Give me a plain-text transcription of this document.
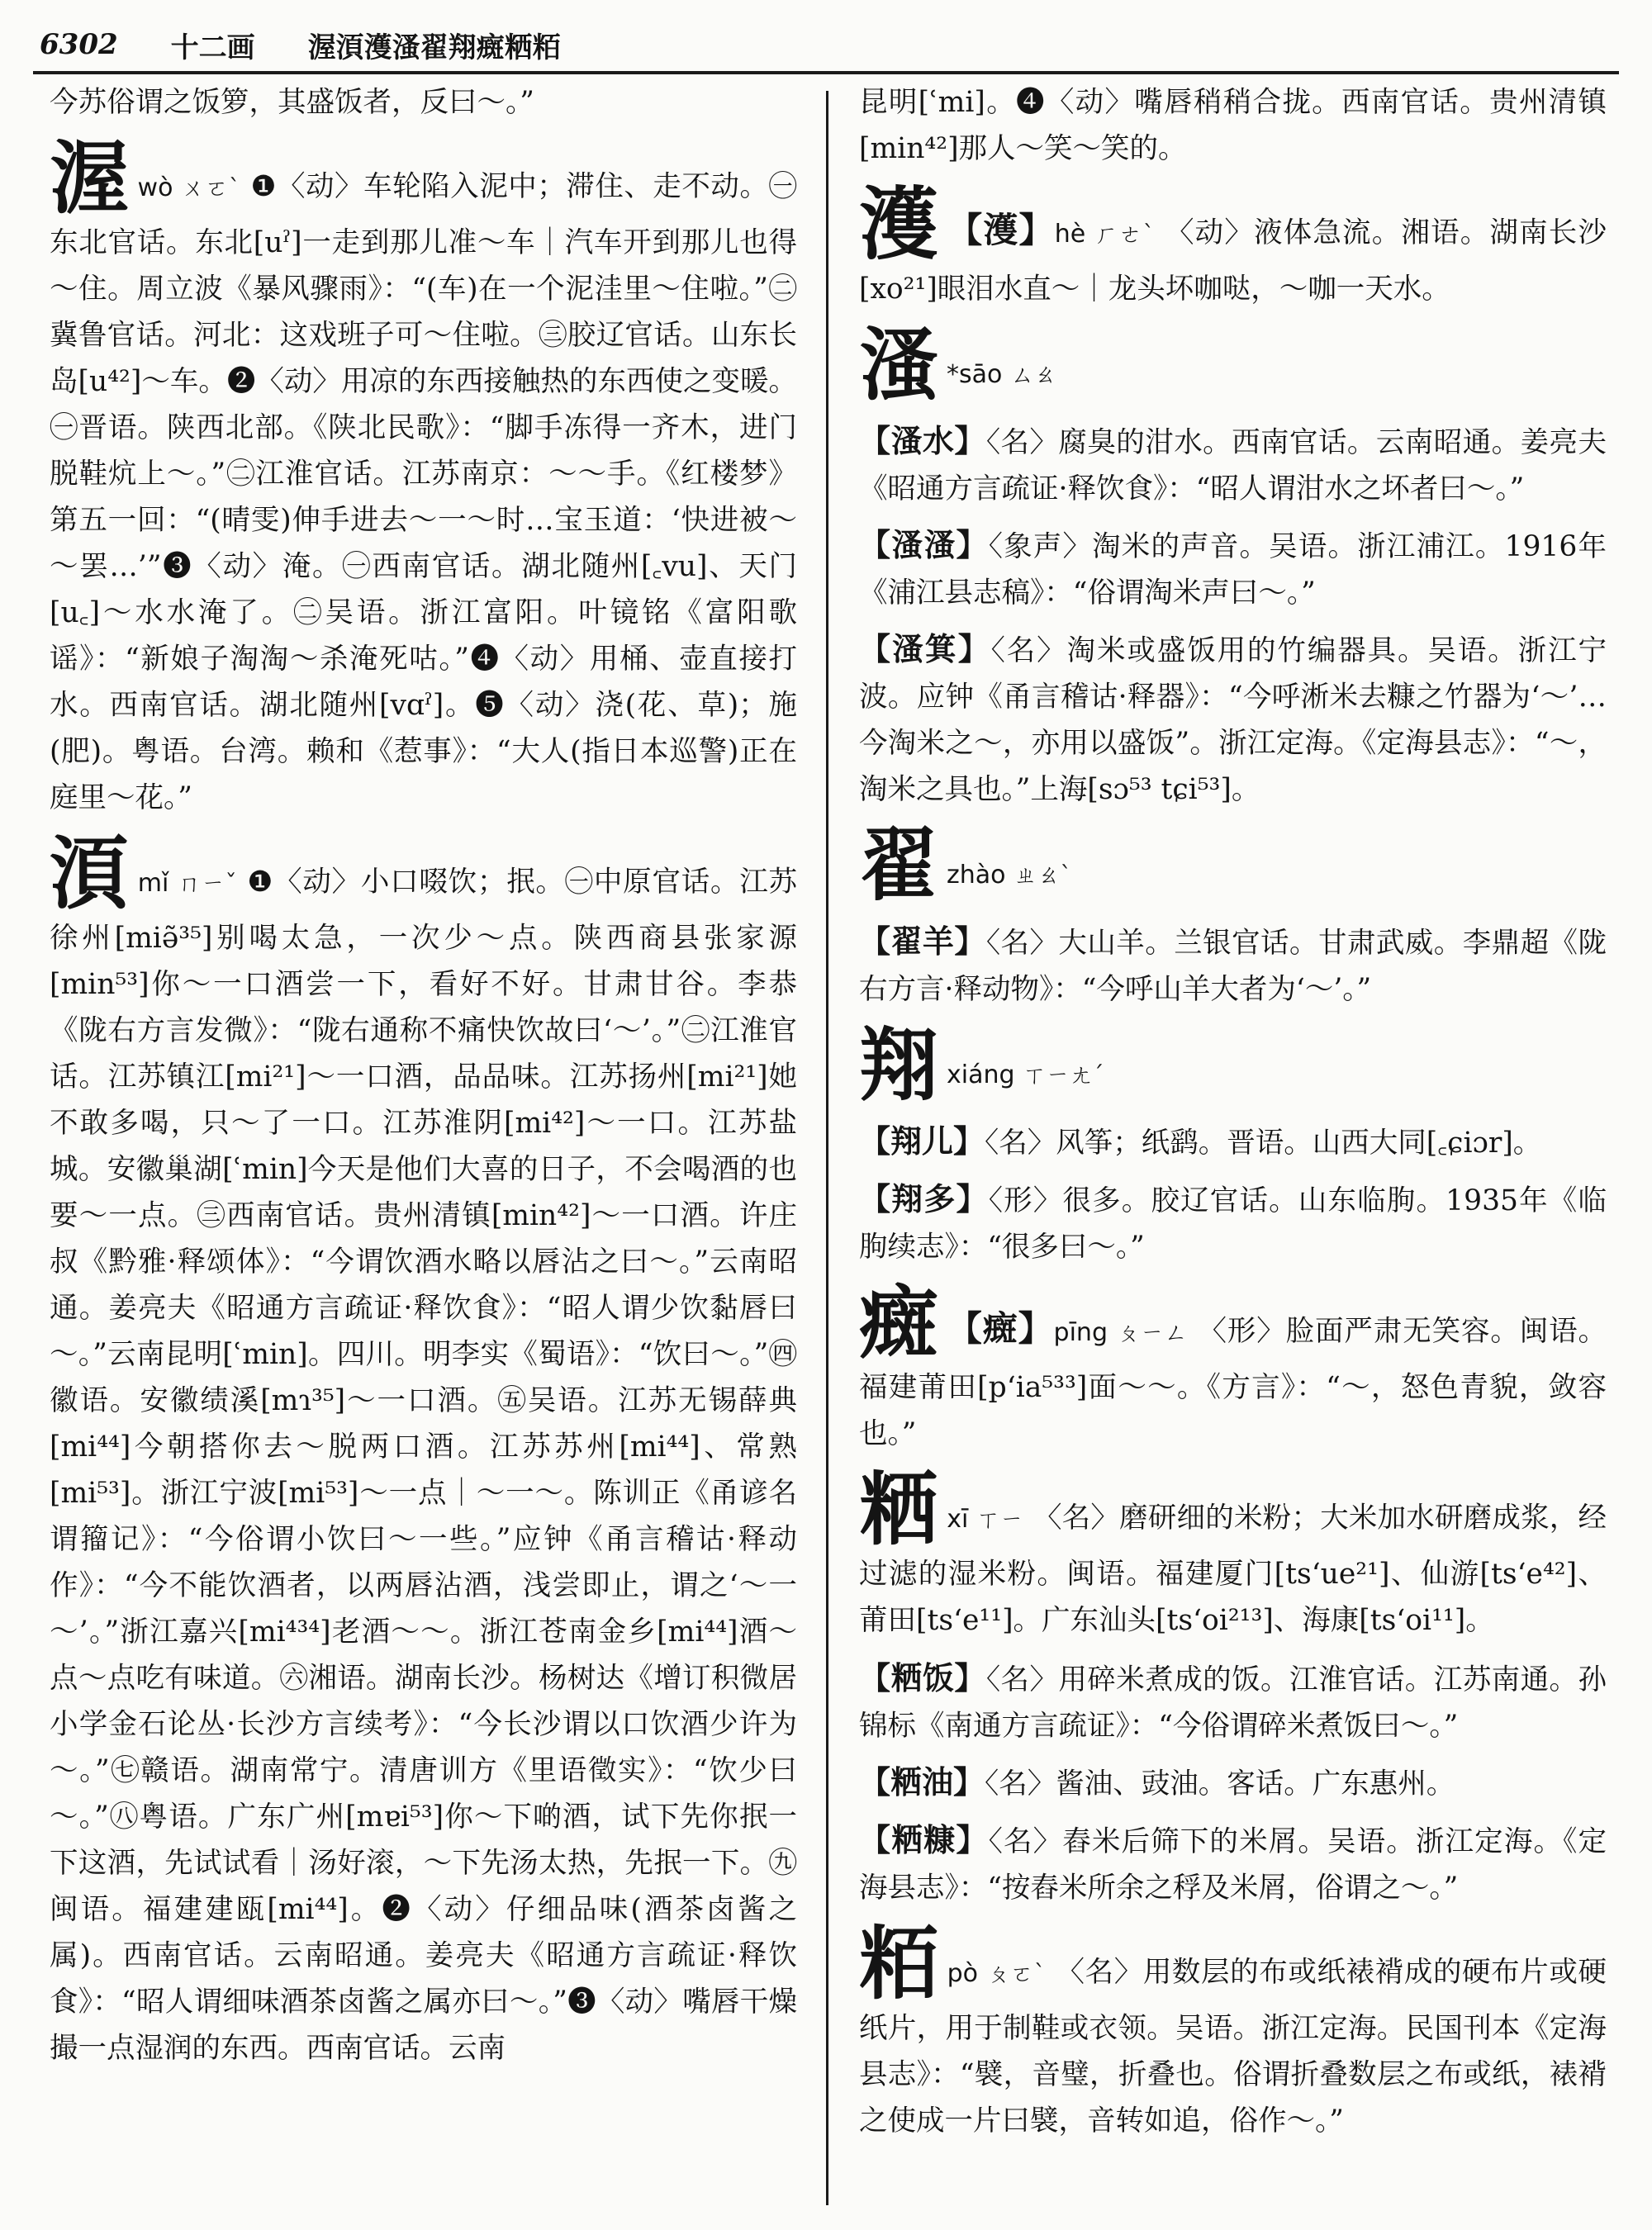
6302 十二画 渥湏濩溞翟翔癍粞粨

今苏俗谓之饭箩，其盛饭者，反曰～。”

渥wò ㄨㄛˋ ❶〈动〉车轮陷入泥中；滞住、走不动。㊀东北官话。东北[uˀ]一走到那儿准～车｜汽车开到那儿也得～住。周立波《暴风骤雨》：“(车)在一个泥洼里～住啦。”㊁冀鲁官话。河北：这戏班子可～住啦。㊂胶辽官话。山东长岛[u⁴²]～车。❷〈动〉用凉的东西接触热的东西使之变暖。㊀晋语。陕西北部。《陕北民歌》：“脚手冻得一齐木，进门脱鞋炕上～。”㊁江淮官话。江苏南京：～～手。《红楼梦》第五一回：“(晴雯)伸手进去～一～时…宝玉道：‘快进被～～罢…’”❸〈动〉淹。㊀西南官话。湖北随州[꜀vu]、天门[u꜀]～水水淹了。㊁吴语。浙江富阳。叶镜铭《富阳歌谣》：“新娘子淘淘～杀淹死咕。”❹〈动〉用桶、壶直接打水。西南官话。湖北随州[vɑˀ]。❺〈动〉浇(花、草)；施(肥)。粤语。台湾。赖和《惹事》：“大人(指日本巡警)正在庭里～花。”
湏mǐ ㄇㄧˇ ❶〈动〉小口啜饮；抿。㊀中原官话。江苏徐州[miə̃³⁵]别喝太急，一次少～点。陕西商县张家源[min⁵³]你～一口酒尝一下，看好不好。甘肃甘谷。李恭《陇右方言发微》：“陇右通称不痛快饮故曰‘～’。”㊁江淮官话。江苏镇江[mi²¹]～一口酒，品品味。江苏扬州[mi²¹]她不敢多喝，只～了一口。江苏淮阴[mi⁴²]～一口。江苏盐城。安徽巢湖[ʿmin]今天是他们大喜的日子，不会喝酒的也要～一点。㊂西南官话。贵州清镇[min⁴²]～一口酒。许庄叔《黔雅·释颂体》：“今谓饮酒水略以唇沾之曰～。”云南昭通。姜亮夫《昭通方言疏证·释饮食》：“昭人谓少饮黏唇曰～。”云南昆明[ʿmin]。四川。明李实《蜀语》：“饮曰～。”㊃徽语。安徽绩溪[mɿ³⁵]～一口酒。㊄吴语。江苏无锡薛典[mi⁴⁴]今朝搭你去～脱两口酒。江苏苏州[mi⁴⁴]、常熟[mi⁵³]。浙江宁波[mi⁵³]～一点｜～一～。陈训正《甬谚名谓籀记》：“今俗谓小饮曰～一些。”应钟《甬言稽诂·释动作》：“今不能饮酒者，以两唇沾酒，浅尝即止，谓之‘～一～’。”浙江嘉兴[mi⁴³⁴]老酒～～。浙江苍南金乡[mi⁴⁴]酒～点～点吃有味道。㊅湘语。湖南长沙。杨树达《增订积微居小学金石论丛·长沙方言续考》：“今长沙谓以口饮酒少许为～。”㊆赣语。湖南常宁。清唐训方《里语徵实》：“饮少曰～。”㊇粤语。广东广州[mɐi⁵³]你～下啲酒，试下先你抿一下这酒，先试试看｜汤好滚，～下先汤太热，先抿一下。㊈闽语。福建建瓯[mi⁴⁴]。❷〈动〉仔细品味(酒茶卤酱之属)。西南官话。云南昭通。姜亮夫《昭通方言疏证·释饮食》：“昭人谓细味酒茶卤酱之属亦曰～。”❸〈动〉嘴唇干燥撮一点湿润的东西。西南官话。云南

昆明[ʿmi]。❹〈动〉嘴唇稍稍合拢。西南官话。贵州清镇[min⁴²]那人～笑～笑的。

濩 【濩】hè ㄏㄜˋ 〈动〉液体急流。湘语。湖南长沙[xo²¹]眼泪水直～｜龙头坏咖哒，～咖一天水。
溞 *sāo ㄙㄠ
【溞水】〈名〉腐臭的泔水。西南官话。云南昭通。姜亮夫《昭通方言疏证·释饮食》：“昭人谓泔水之坏者曰～。”
【溞溞】〈象声〉淘米的声音。吴语。浙江浦江。1916年《浦江县志稿》：“俗谓淘米声曰～。”
【溞箕】〈名〉淘米或盛饭用的竹编器具。吴语。浙江宁波。应钟《甬言稽诂·释器》：“今呼淅米去糠之竹器为‘～’…今淘米之～，亦用以盛饭”。浙江定海。《定海县志》：“～，淘米之具也。”上海[sɔ⁵³ tɕi⁵³]。
翟zhào ㄓㄠˋ
【翟羊】〈名〉大山羊。兰银官话。甘肃武威。李鼎超《陇右方言·释动物》：“今呼山羊大者为‘～’。”
翔xiáng ㄒㄧㄤˊ
【翔儿】〈名〉风筝；纸鹞。晋语。山西大同[꜀ɕiɔr]。
【翔多】〈形〉很多。胶辽官话。山东临朐。1935年《临朐续志》：“很多曰～。”
癍 【癍】pīng ㄆㄧㄥ 〈形〉脸面严肃无笑容。闽语。福建莆田[pʻia⁵³³]面～～。《方言》：“～，怒色青貌，敛容也。”
粞xī ㄒㄧ 〈名〉磨研细的米粉；大米加水研磨成浆，经过滤的湿米粉。闽语。福建厦门[tsʻue²¹]、仙游[tsʻe⁴²]、莆田[tsʻe¹¹]。广东汕头[tsʻoi²¹³]、海康[tsʻoi¹¹]。
【粞饭】〈名〉用碎米煮成的饭。江淮官话。江苏南通。孙锦标《南通方言疏证》：“今俗谓碎米煮饭曰～。”
【粞油】〈名〉酱油、豉油。客话。广东惠州。
【粞糠】〈名〉舂米后筛下的米屑。吴语。浙江定海。《定海县志》：“按舂米所余之稃及米屑，俗谓之～。”
粨pò ㄆㄛˋ 〈名〉用数层的布或纸裱褙成的硬布片或硬纸片，用于制鞋或衣领。吴语。浙江定海。民国刊本《定海县志》：“襞，音璧，折叠也。俗谓折叠数层之布或纸，裱褙之使成一片曰襞，音转如追，俗作～。”
